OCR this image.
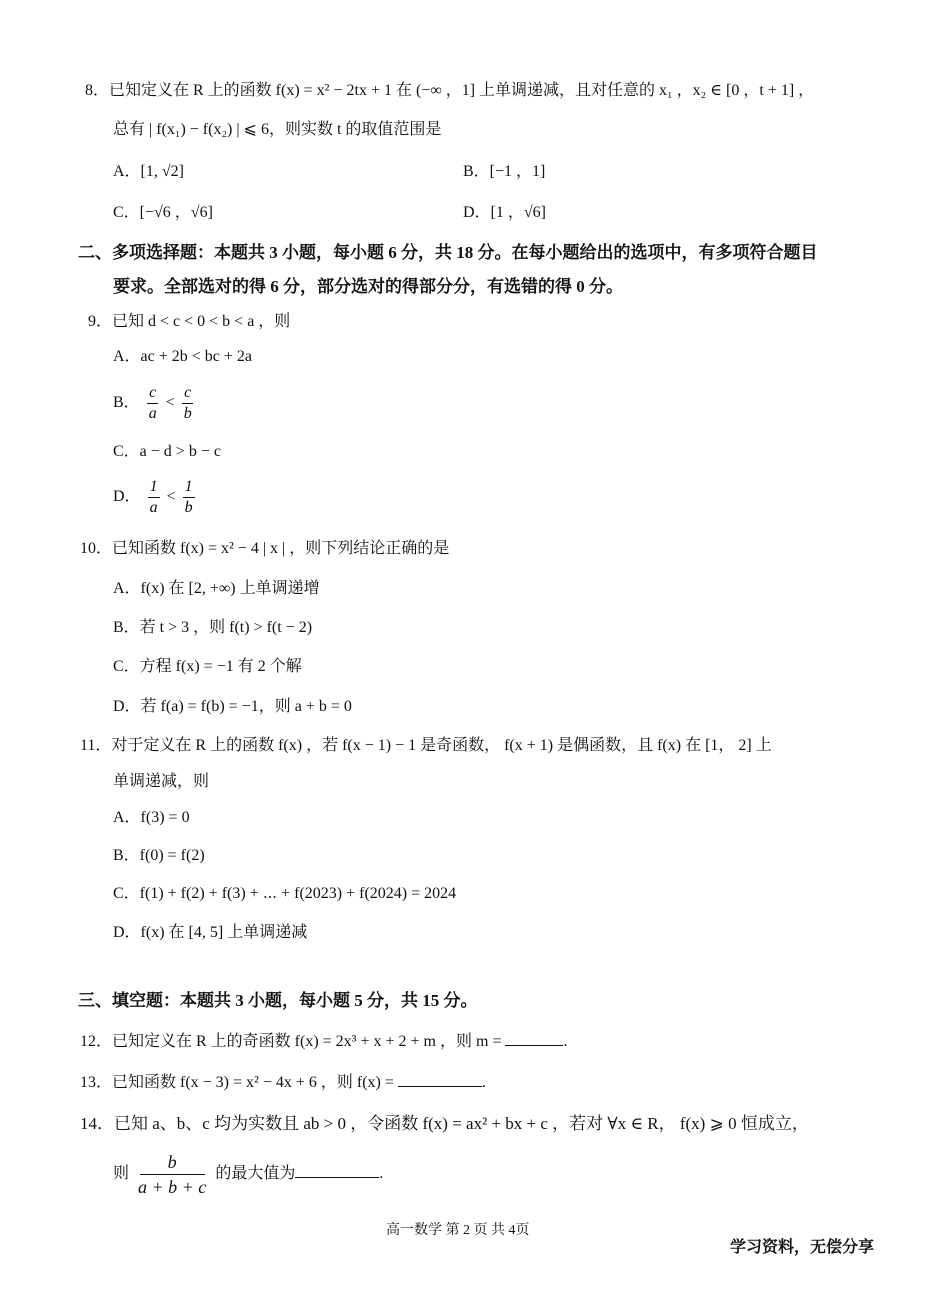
8．已知定义在 R 上的函数 f(x) = x² − 2tx + 1 在 (−∞ ，1] 上单调递减，且对任意的 x₁ ，x₂ ∈ [0 ，t + 1] ，
总有 | f(x₁) − f(x₂) | ⩽ 6，则实数 t 的取值范围是
A．[1, √2]	B．[−1 ，1]
C．[−√6 ，√6]	D．[1 ，√6]
二、多项选择题：本题共 3 小题，每小题 6 分，共 18 分。在每小题给出的选项中，有多项符合题目
要求。全部选对的得 6 分，部分选对的得部分分，有选错的得 0 分。
9．已知 d < c < 0 < b < a ，则
A．ac + 2b < bc + 2a
B． $\frac{c}{a} < \frac{c}{b}$
C．a − d > b − c
D． $\frac{1}{a} < \frac{1}{b}$
10．已知函数 f(x) = x² − 4 | x | ，则下列结论正确的是
A．f(x) 在 [2, +∞) 上单调递增
B．若 t > 3 ，则 f(t) > f(t − 2)
C．方程 f(x) = −1 有 2 个解
D．若 f(a) = f(b) = −1，则 a + b = 0
11．对于定义在 R 上的函数 f(x) ，若 f(x − 1) − 1 是奇函数， f(x + 1) 是偶函数，且 f(x) 在 [1， 2] 上
单调递减，则
A．f(3) = 0
B．f(0) = f(2)
C．f(1) + f(2) + f(3) + ⋯ + f(2023) + f(2024) = 2024
D．f(x) 在 [4, 5] 上单调递减
三、填空题：本题共 3 小题，每小题 5 分，共 15 分。
12．已知定义在 R 上的奇函数 f(x) = 2x³ + x + 2 + m ，则 m =	.
13．已知函数 f(x − 3) = x² − 4x + 6 ，则 f(x) =	.
14．已知 a、b、c 均为实数且 ab > 0 ，令函数 f(x) = ax² + bx + c ，若对 ∀x ∈ R， f(x) ⩾ 0 恒成立，
则 $\frac{b}{a + b + c}$ 的最大值为	.
高一数学 第 2 页 共 4页
学习资料，无偿分享
